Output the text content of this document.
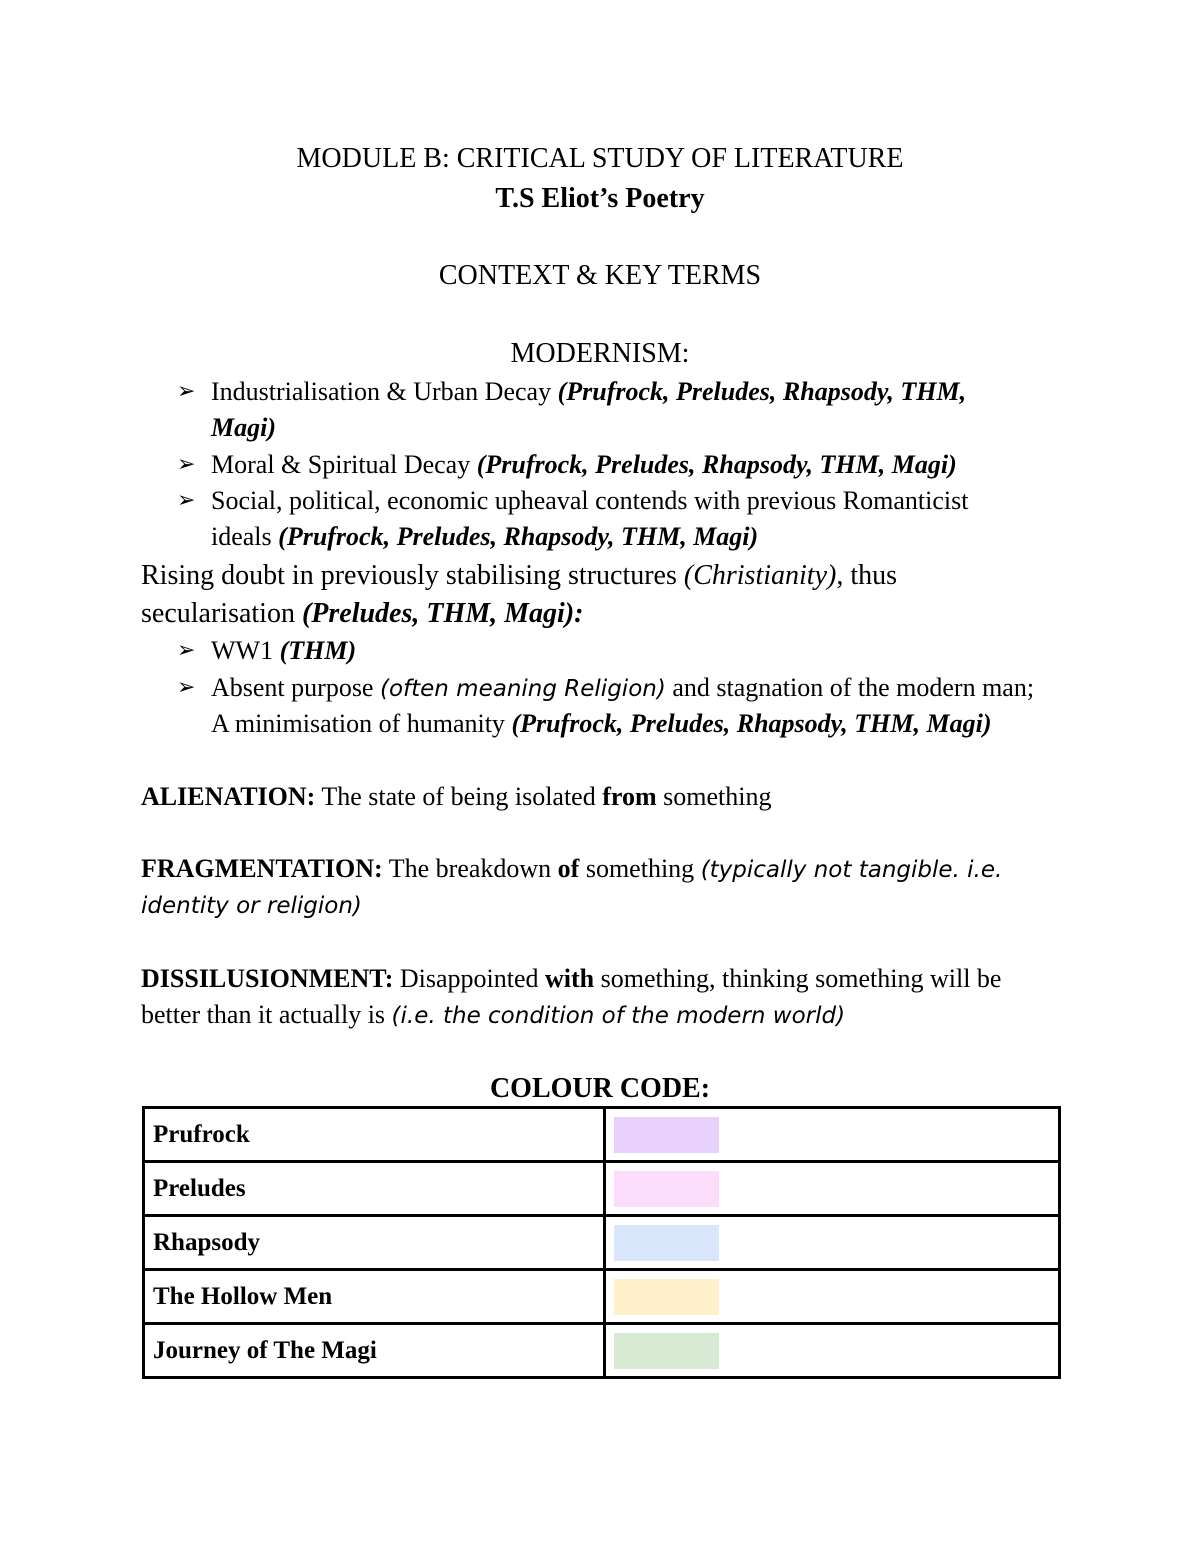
MODULE B: CRITICAL STUDY OF LITERATURE
T.S Eliot’s Poetry
CONTEXT & KEY TERMS
MODERNISM:
➢ Industrialisation & Urban Decay (Prufrock, Preludes, Rhapsody, THM,
Magi)
➢ Moral & Spiritual Decay (Prufrock, Preludes, Rhapsody, THM, Magi)
➢ Social, political, economic upheaval contends with previous Romanticist
ideals (Prufrock, Preludes, Rhapsody, THM, Magi)
Rising doubt in previously stabilising structures (Christianity), thus
secularisation (Preludes, THM, Magi):
➢ WW1 (THM)
➢ Absent purpose (often meaning Religion) and stagnation of the modern man;
A minimisation of humanity (Prufrock, Preludes, Rhapsody, THM, Magi)
ALIENATION: The state of being isolated from something
FRAGMENTATION: The breakdown of something (typically not tangible. i.e.
identity or religion)
DISSILUSIONMENT: Disappointed with something, thinking something will be
better than it actually is (i.e. the condition of the modern world)
COLOUR CODE:
Prufrock	

Preludes	

Rhapsody	

The Hollow Men	

Journey of The Magi	
